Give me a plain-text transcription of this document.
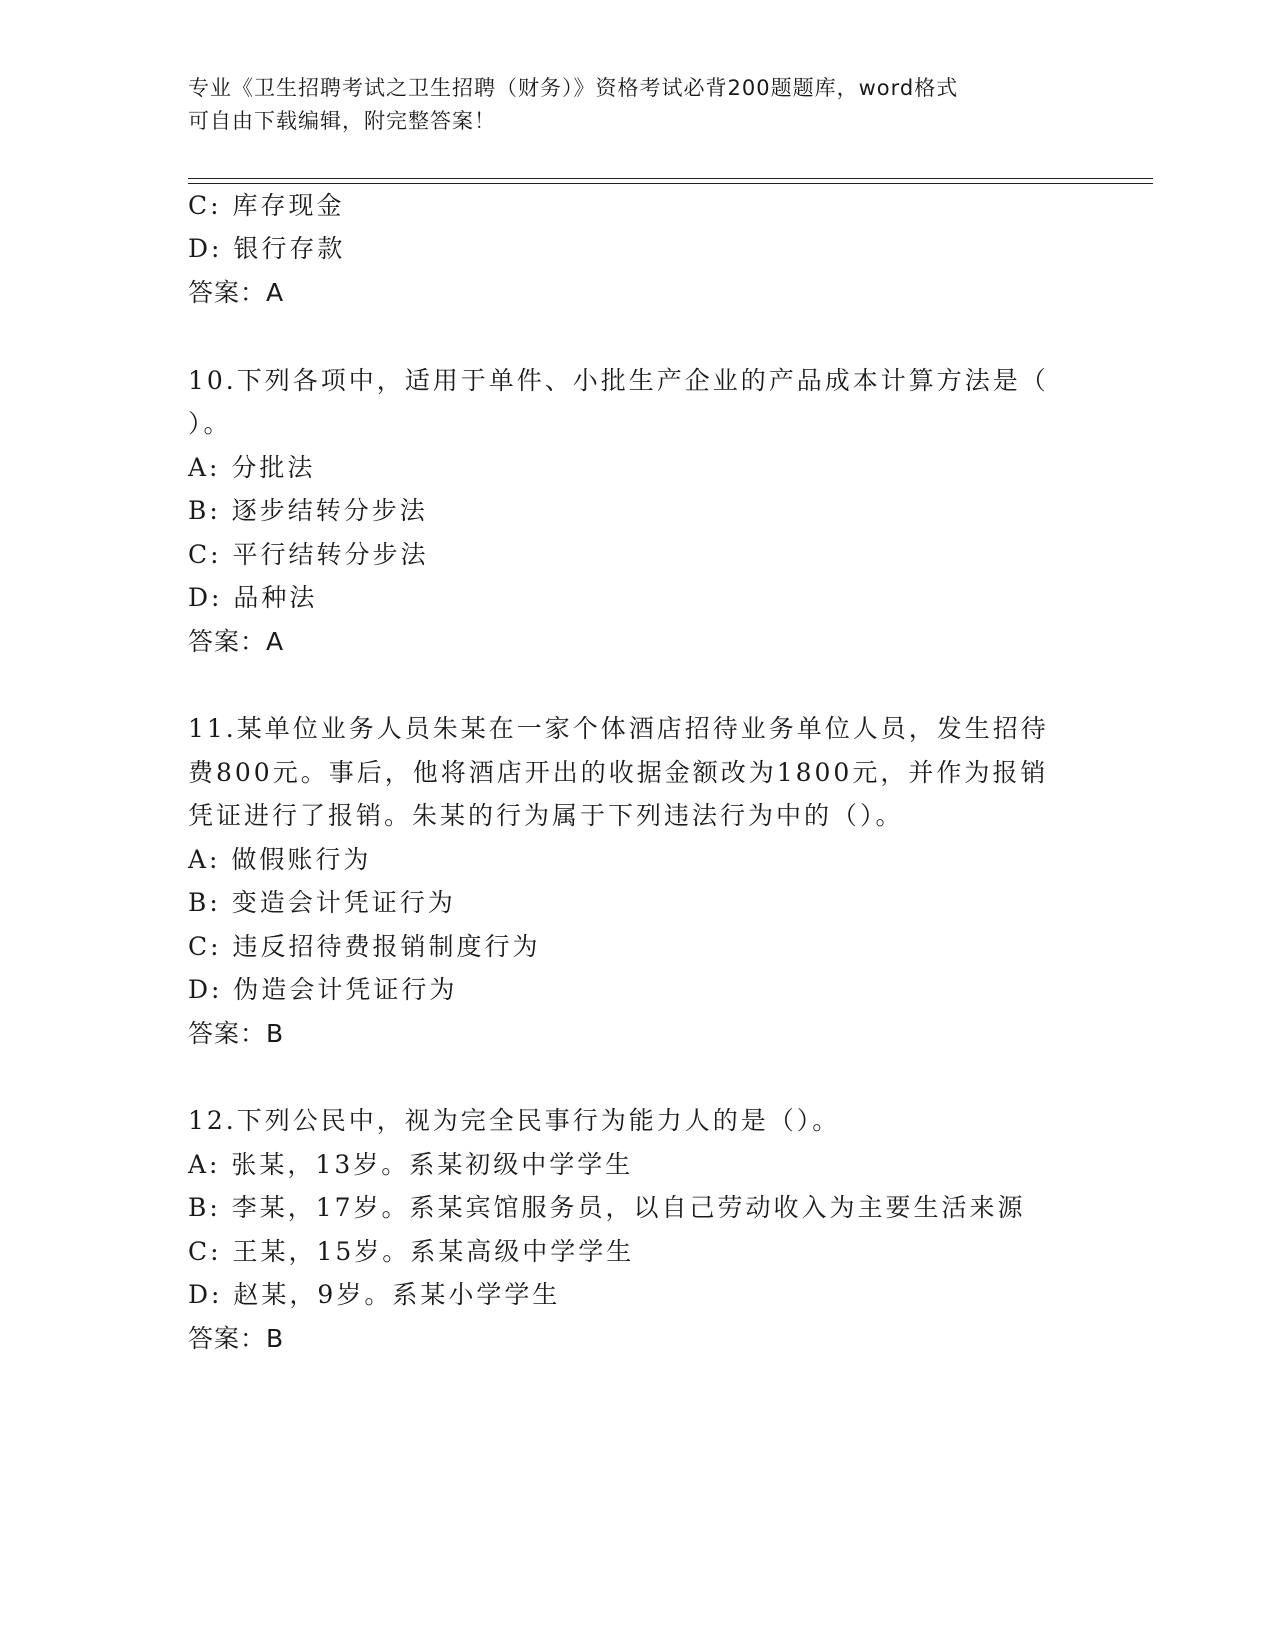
专业《卫生招聘考试之卫生招聘（财务）》资格考试必背200题题库，word格式
可自由下载编辑，附完整答案！
C: 库存现金
D: 银行存款
答案：A
10.下列各项中，适用于单件、小批生产企业的产品成本计算方法是（
）。
A: 分批法
B: 逐步结转分步法
C: 平行结转分步法
D: 品种法
答案：A
11.某单位业务人员朱某在一家个体酒店招待业务单位人员，发生招待
费800元。事后，他将酒店开出的收据金额改为1800元，并作为报销
凭证进行了报销。朱某的行为属于下列违法行为中的（）。
A: 做假账行为
B: 变造会计凭证行为
C: 违反招待费报销制度行为
D: 伪造会计凭证行为
答案：B
12.下列公民中，视为完全民事行为能力人的是（）。
A: 张某，13岁。系某初级中学学生
B: 李某，17岁。系某宾馆服务员，以自己劳动收入为主要生活来源
C: 王某，15岁。系某高级中学学生
D: 赵某，9岁。系某小学学生
答案：B
